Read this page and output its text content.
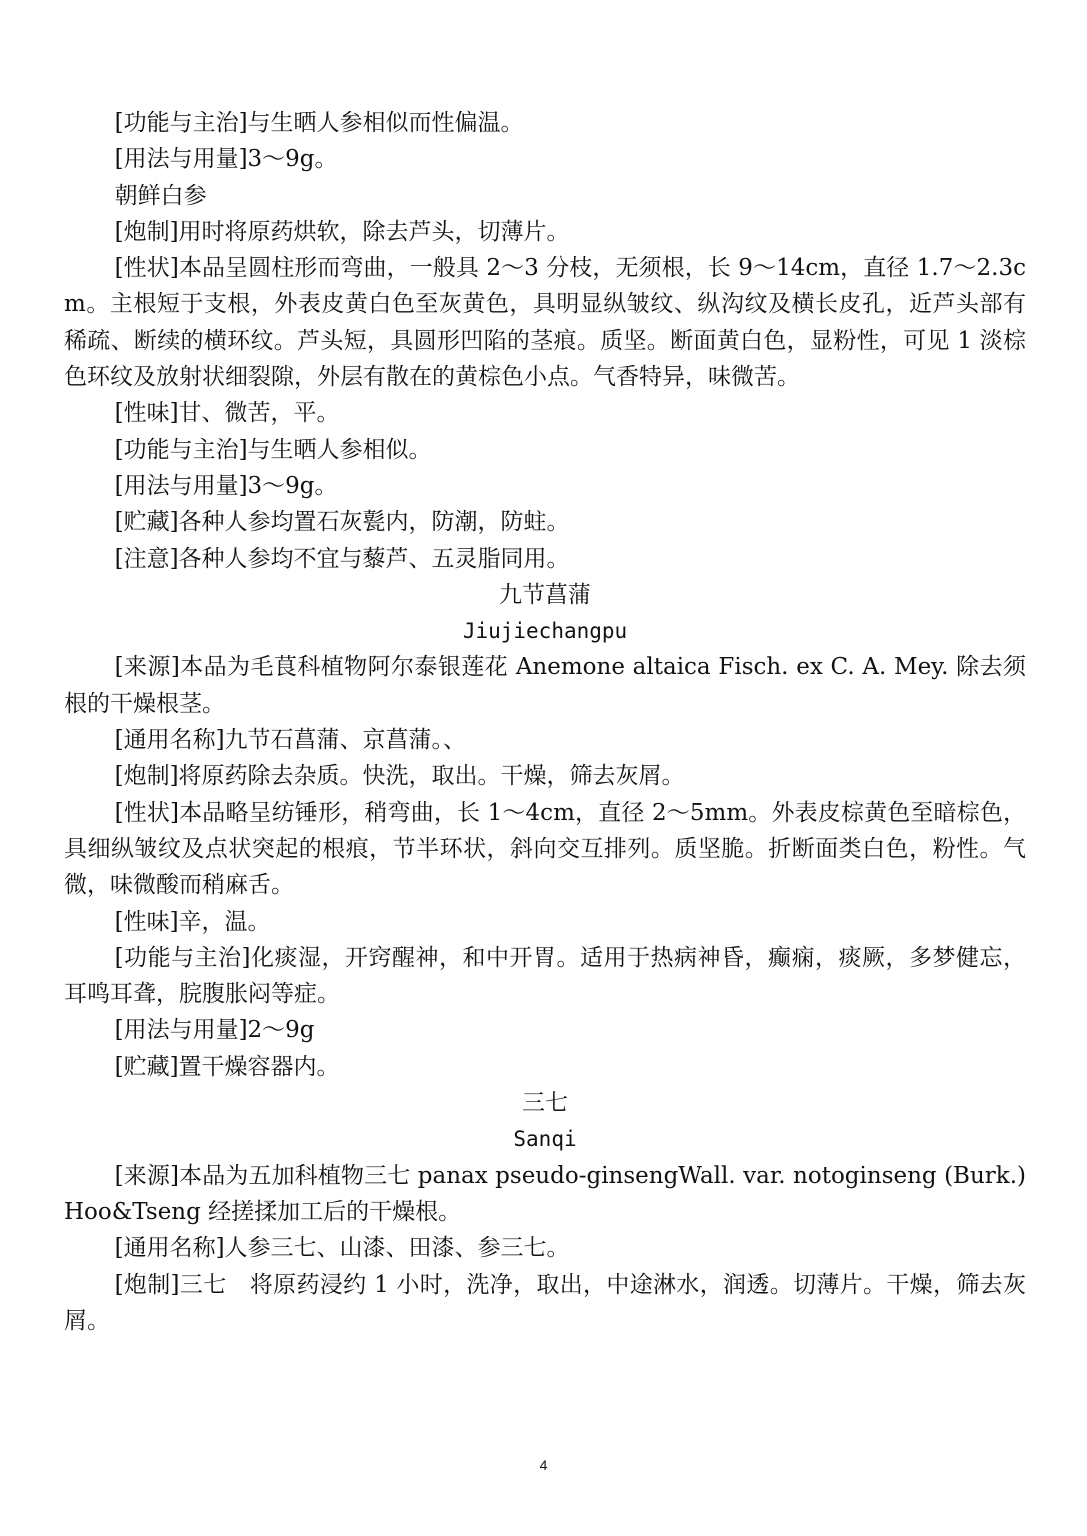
[功能与主治]与生晒人参相似而性偏温。

[用法与用量]3～9g。

朝鲜白参

[炮制]用时将原药烘软，除去芦头，切薄片。

[性状]本品呈圆柱形而弯曲，一般具 2～3 分枝，无须根，长 9～14cm，直径 1.7～2.3cm。主根短于支根，外表皮黄白色至灰黄色，具明显纵皱纹、纵沟纹及横长皮孔，近芦头部有稀疏、断续的横环纹。芦头短，具圆形凹陷的茎痕。质坚。断面黄白色，显粉性，可见 1 淡棕色环纹及放射状细裂隙，外层有散在的黄棕色小点。气香特异，味微苦。

[性味]甘、微苦，平。

[功能与主治]与生晒人参相似。

[用法与用量]3～9g。

[贮藏]各种人参均置石灰甏内，防潮，防蛀。

[注意]各种人参均不宜与藜芦、五灵脂同用。

九节菖蒲

Jiujiechangpu

[来源]本品为毛茛科植物阿尔泰银莲花 Anemone altaica Fisch. ex C. A. Mey. 除去须根的干燥根茎。

[通用名称]九节石菖蒲、京菖蒲。、

[炮制]将原药除去杂质。快洗，取出。干燥，筛去灰屑。

[性状]本品略呈纺锤形，稍弯曲，长 1～4cm，直径 2～5mm。外表皮棕黄色至暗棕色，具细纵皱纹及点状突起的根痕，节半环状，斜向交互排列。质坚脆。折断面类白色，粉性。气微，味微酸而稍麻舌。

[性味]辛，温。

[功能与主治]化痰湿，开窍醒神，和中开胃。适用于热病神昏，癫痫，痰厥，多梦健忘，耳鸣耳聋，脘腹胀闷等症。

[用法与用量]2～9g

[贮藏]置干燥容器内。

三七

Sanqi

[来源]本品为五加科植物三七 panax pseudo-ginsengWall. var. notoginseng (Burk.) Hoo&Tseng 经搓揉加工后的干燥根。

[通用名称]人参三七、山漆、田漆、参三七。

[炮制]三七　将原药浸约 1 小时，洗净，取出，中途淋水，润透。切薄片。干燥，筛去灰屑。

4
